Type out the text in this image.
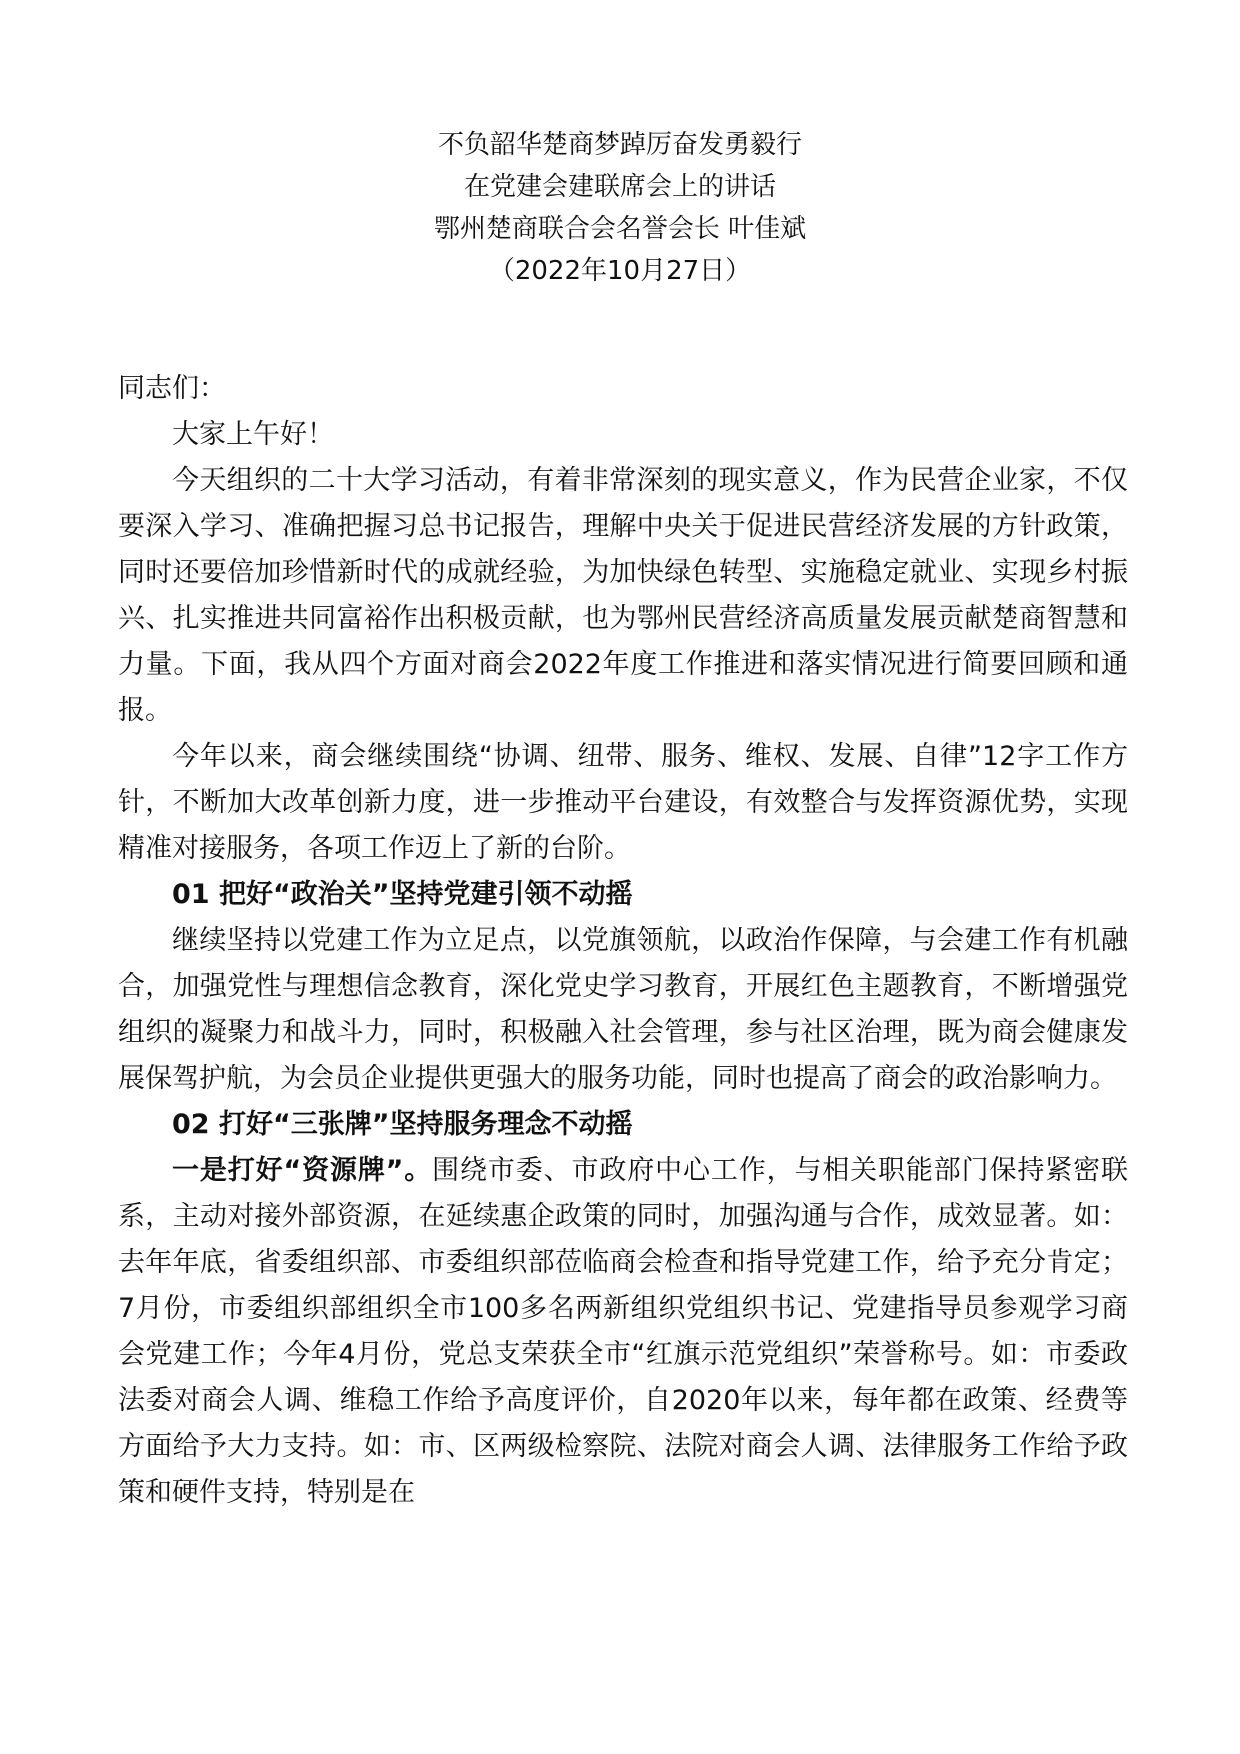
不负韶华楚商梦踔厉奋发勇毅行
在党建会建联席会上的讲话
鄂州楚商联合会名誉会长 叶佳斌
（2022年10月27日）

同志们：

大家上午好！

今天组织的二十大学习活动，有着非常深刻的现实意义，作为民营企业家，不仅要深入学习、准确把握习总书记报告，理解中央关于促进民营经济发展的方针政策，同时还要倍加珍惜新时代的成就经验，为加快绿色转型、实施稳定就业、实现乡村振兴、扎实推进共同富裕作出积极贡献，也为鄂州民营经济高质量发展贡献楚商智慧和力量。下面，我从四个方面对商会2022年度工作推进和落实情况进行简要回顾和通报。

今年以来，商会继续围绕“协调、纽带、服务、维权、发展、自律”12字工作方针，不断加大改革创新力度，进一步推动平台建设，有效整合与发挥资源优势，实现精准对接服务，各项工作迈上了新的台阶。

01 把好“政治关”坚持党建引领不动摇

继续坚持以党建工作为立足点，以党旗领航，以政治作保障，与会建工作有机融合，加强党性与理想信念教育，深化党史学习教育，开展红色主题教育，不断增强党组织的凝聚力和战斗力，同时，积极融入社会管理，参与社区治理，既为商会健康发展保驾护航，为会员企业提供更强大的服务功能，同时也提高了商会的政治影响力。

02 打好“三张牌”坚持服务理念不动摇

一是打好“资源牌”。围绕市委、市政府中心工作，与相关职能部门保持紧密联系，主动对接外部资源，在延续惠企政策的同时，加强沟通与合作，成效显著。如：去年年底，省委组织部、市委组织部莅临商会检查和指导党建工作，给予充分肯定；7月份，市委组织部组织全市100多名两新组织党组织书记、党建指导员参观学习商会党建工作；今年4月份，党总支荣获全市“红旗示范党组织”荣誉称号。如：市委政法委对商会人调、维稳工作给予高度评价，自2020年以来，每年都在政策、经费等方面给予大力支持。如：市、区两级检察院、法院对商会人调、法律服务工作给予政策和硬件支持，特别是在
